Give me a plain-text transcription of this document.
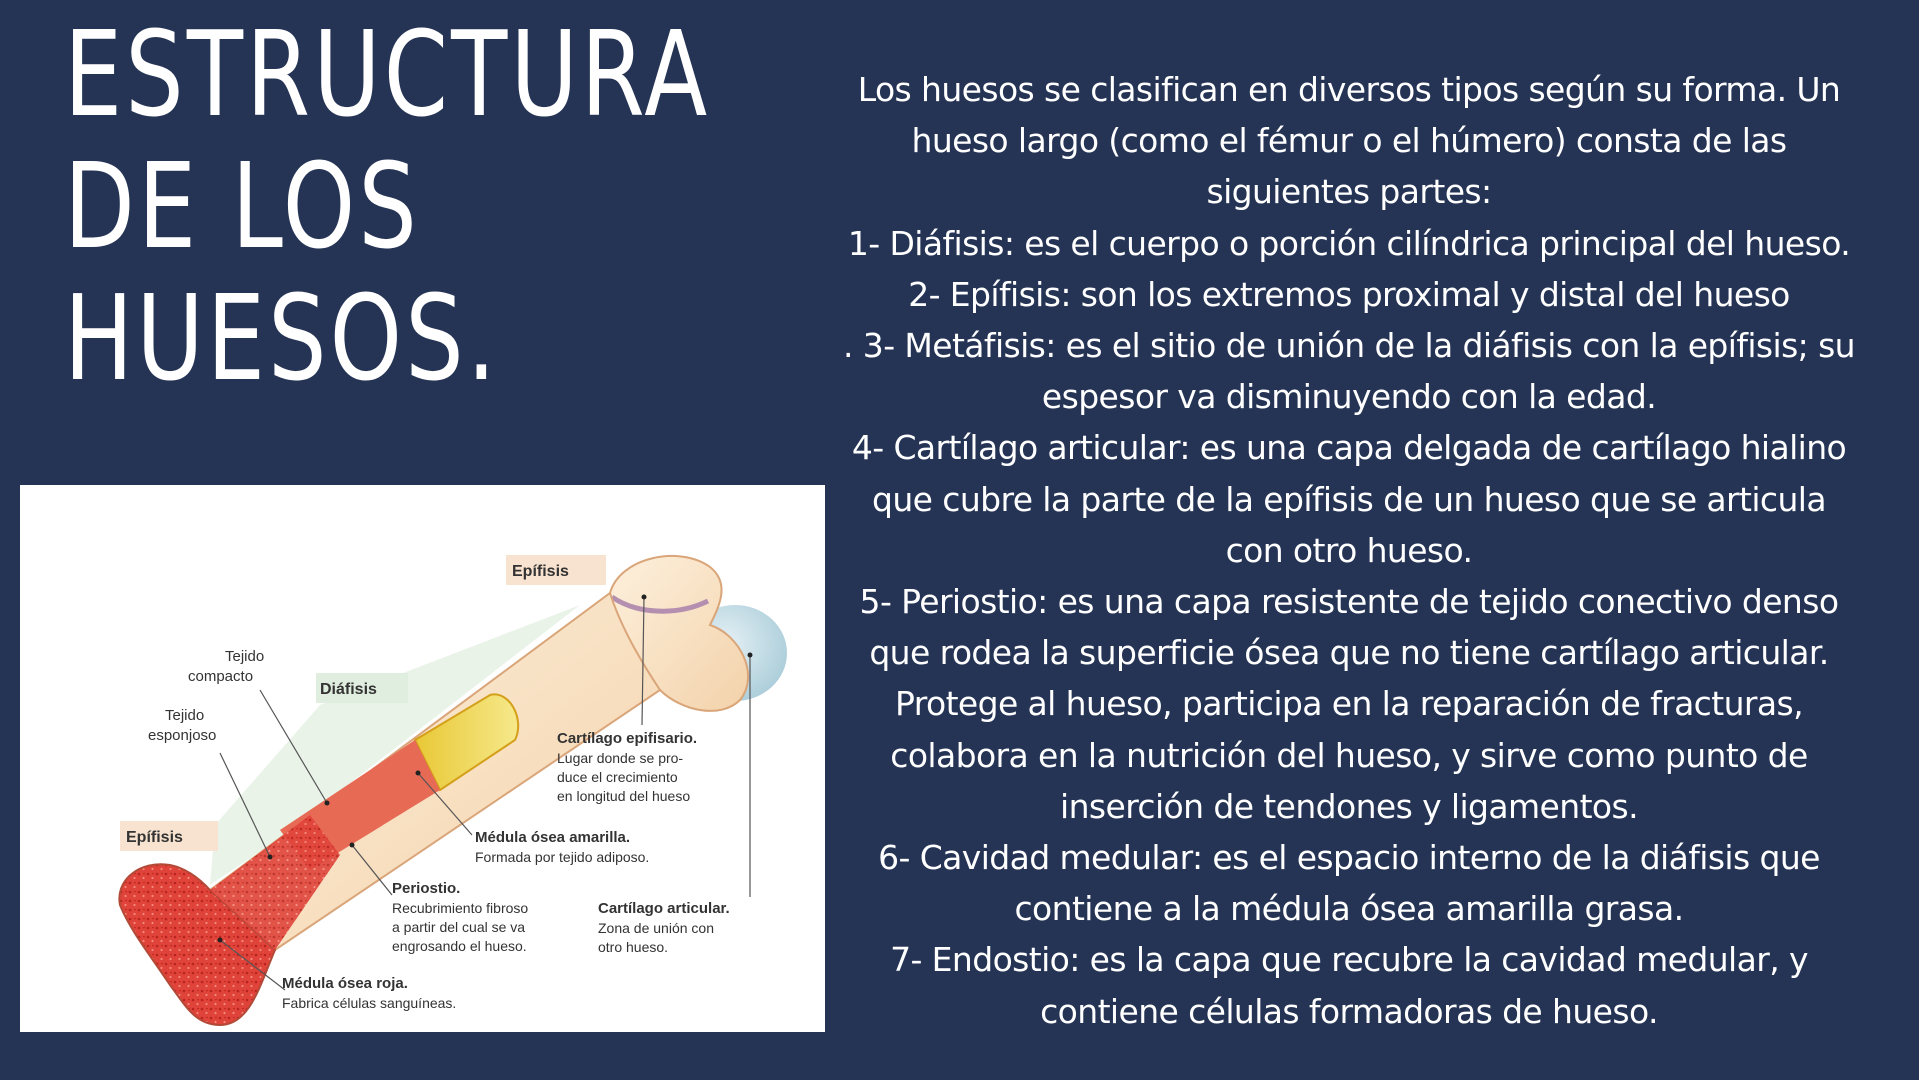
ESTRUCTURA
DE LOS
HUESOS.

Los huesos se clasifican en diversos tipos según su forma. Un

hueso largo (como el fémur o el húmero) consta de las

siguientes partes:

1- Diáfisis: es el cuerpo o porción cilíndrica principal del hueso.

2- Epífisis: son los extremos proximal y distal del hueso

. 3- Metáfisis: es el sitio de unión de la diáfisis con la epífisis; su

espesor va disminuyendo con la edad.

4- Cartílago articular: es una capa delgada de cartílago hialino

que cubre la parte de la epífisis de un hueso que se articula

con otro hueso.

5- Periostio: es una capa resistente de tejido conectivo denso

que rodea la superficie ósea que no tiene cartílago articular.

Protege al hueso, participa en la reparación de fracturas,

colabora en la nutrición del hueso, y sirve como punto de

inserción de tendones y ligamentos.

6- Cavidad medular: es el espacio interno de la diáfisis que

contiene a la médula ósea amarilla grasa.

7- Endostio: es la capa que recubre la cavidad medular, y

contiene células formadoras de hueso.

Epífisis
Diáfisis
Epífisis
Tejido
compacto
Tejido
esponjoso	Cartílago epifisario.
Lugar donde se pro-
duce el crecimiento
en longitud del hueso
Médula ósea amarilla.
Formada por tejido adiposo.
Periostio.
Recubrimiento fibroso
a partir del cual se va
engrosando el hueso.
Cartílago articular.
Zona de unión con
otro hueso.
Médula ósea roja.
Fabrica células sanguíneas.
